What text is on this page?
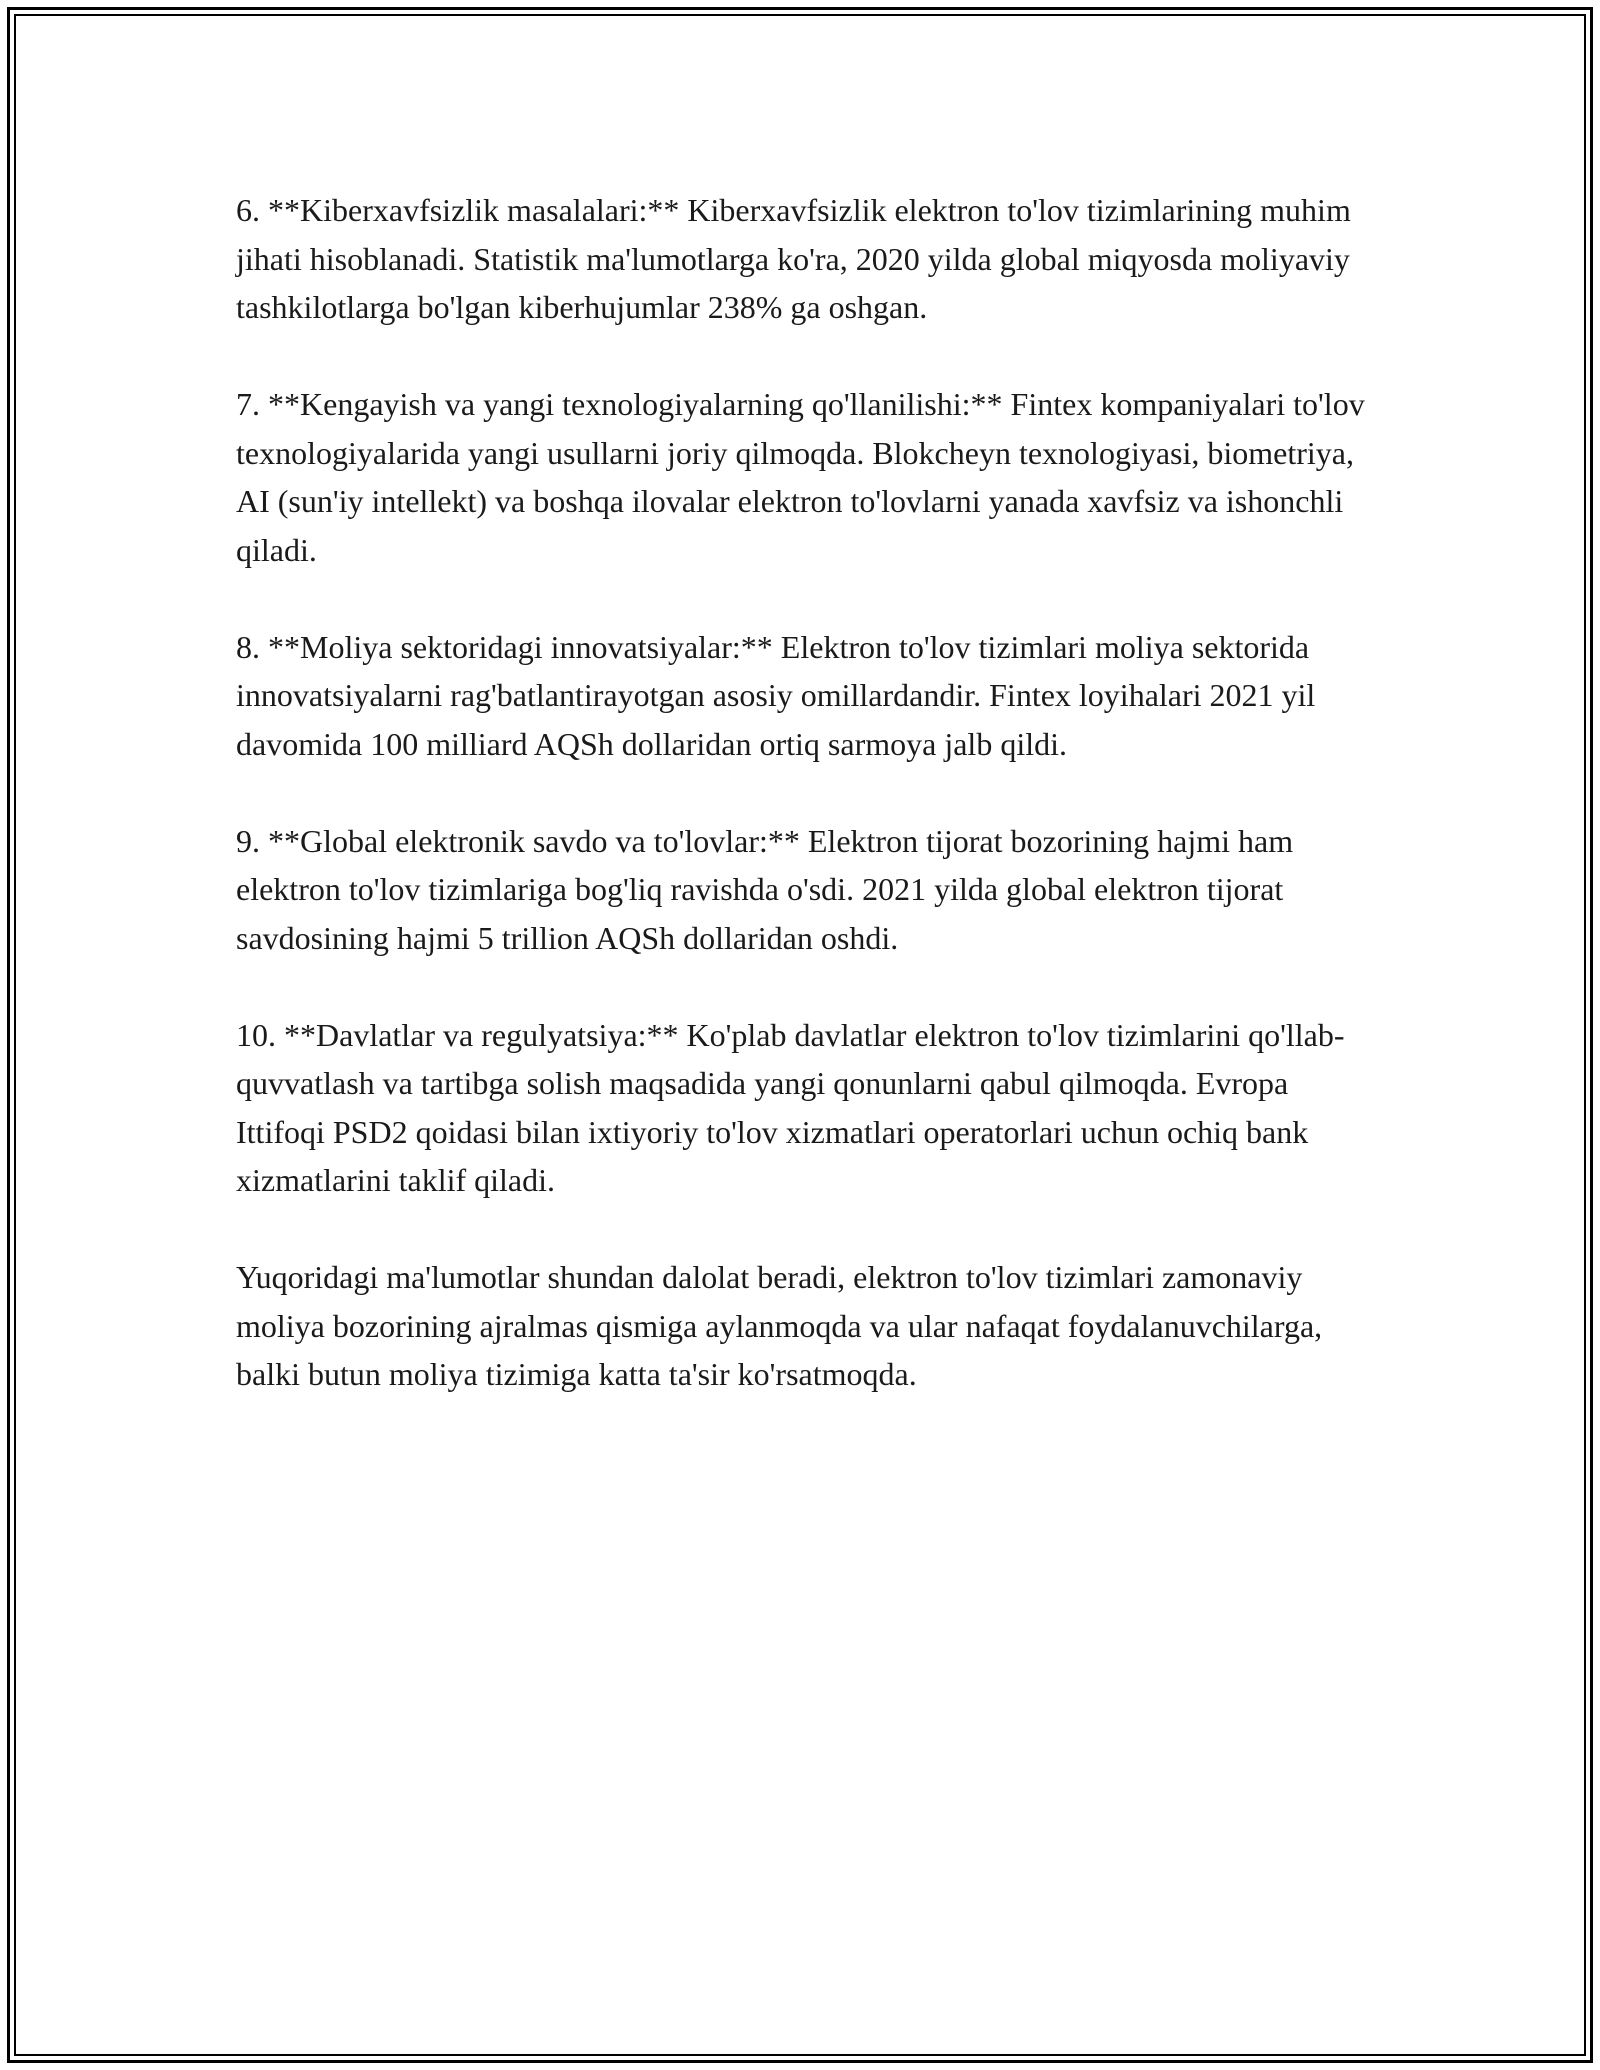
6. **Kiberxavfsizlik masalalari:** Kiberxavfsizlik elektron to'lov tizimlarining muhim jihati hisoblanadi. Statistik ma'lumotlarga ko'ra, 2020 yilda global miqyosda moliyaviy tashkilotlarga bo'lgan kiberhujumlar 238% ga oshgan.

7. **Kengayish va yangi texnologiyalarning qo'llanilishi:** Fintex kompaniyalari to'lov texnologiyalarida yangi usullarni joriy qilmoqda. Blokcheyn texnologiyasi, biometriya, AI (sun'iy intellekt) va boshqa ilovalar elektron to'lovlarni yanada xavfsiz va ishonchli qiladi.

8. **Moliya sektoridagi innovatsiyalar:** Elektron to'lov tizimlari moliya sektorida innovatsiyalarni rag'batlantirayotgan asosiy omillardandir. Fintex loyihalari 2021 yil davomida 100 milliard AQSh dollaridan ortiq sarmoya jalb qildi.

9. **Global elektronik savdo va to'lovlar:** Elektron tijorat bozorining hajmi ham elektron to'lov tizimlariga bog'liq ravishda o'sdi. 2021 yilda global elektron tijorat savdosining hajmi 5 trillion AQSh dollaridan oshdi.

10. **Davlatlar va regulyatsiya:** Ko'plab davlatlar elektron to'lov tizimlarini qo'llab-quvvatlash va tartibga solish maqsadida yangi qonunlarni qabul qilmoqda. Evropa Ittifoqi PSD2 qoidasi bilan ixtiyoriy to'lov xizmatlari operatorlari uchun ochiq bank xizmatlarini taklif qiladi.

Yuqoridagi ma'lumotlar shundan dalolat beradi, elektron to'lov tizimlari zamonaviy moliya bozorining ajralmas qismiga aylanmoqda va ular nafaqat foydalanuvchilarga, balki butun moliya tizimiga katta ta'sir ko'rsatmoqda.
